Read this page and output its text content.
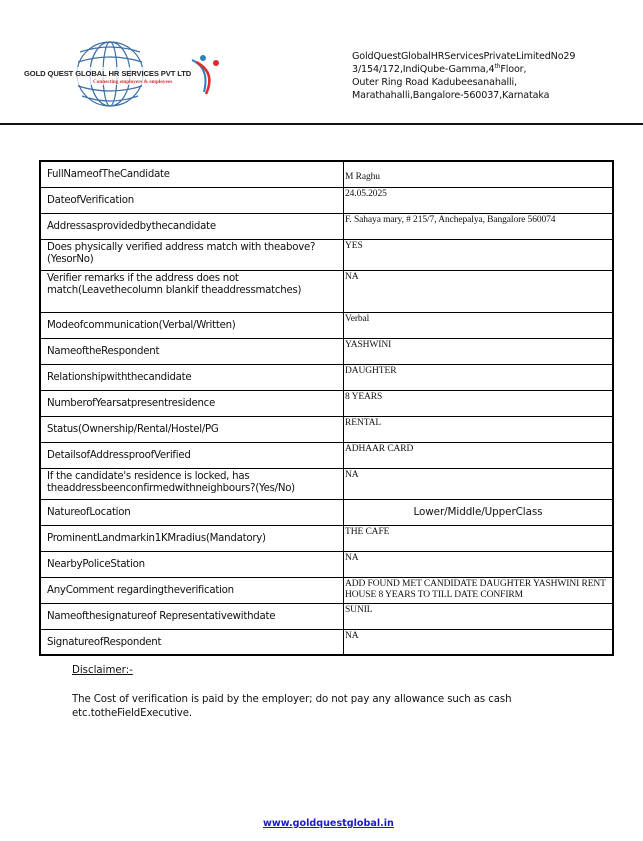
GOLD QUEST GLOBAL HR SERVICES PVT LTD
Connecting employers & employees
GoldQuestGlobalHRServicesPrivateLimitedNo29
3/154/172,IndiQube-Gamma,4thFloor,
Outer Ring Road Kadubeesanahalli,
Marathahalli,Bangalore-560037,Karnataka
FullNameofTheCandidate	M Raghu
DateofVerification	24.05.2025
Addressasprovidedbythecandidate	F. Sahaya mary, # 215/7, Anchepalya, Bangalore 560074
Does physically verified address match with theabove? (YesorNo)	YES
Verifier remarks if the address does not match(Leavethecolumn blankif theaddressmatches)	NA
Modeofcommunication(Verbal/Written)	Verbal
NameoftheRespondent	YASHWINI
Relationshipwiththecandidate	DAUGHTER
NumberofYearsatpresentresidence	8 YEARS
Status(Ownership/Rental/Hostel/PG	RENTAL
DetailsofAddressproofVerified	ADHAAR CARD
If the candidate's residence is locked, has theaddressbeenconfirmedwithneighbours?(Yes/No)	NA
NatureofLocation	Lower/Middle/UpperClass
ProminentLandmarkin1KMradius(Mandatory)	THE CAFE
NearbyPoliceStation	NA
AnyComment regardingtheverification	ADD FOUND MET CANDIDATE DAUGHTER YASHWINI RENT HOUSE 8 YEARS TO TILL DATE CONFIRM
Nameofthesignatureof Representativewithdate	SUNIL
SignatureofRespondent	NA
Disclaimer:-
The Cost of verification is paid by the employer; do not pay any allowance such as cash etc.totheFieldExecutive.
www.goldquestglobal.in
